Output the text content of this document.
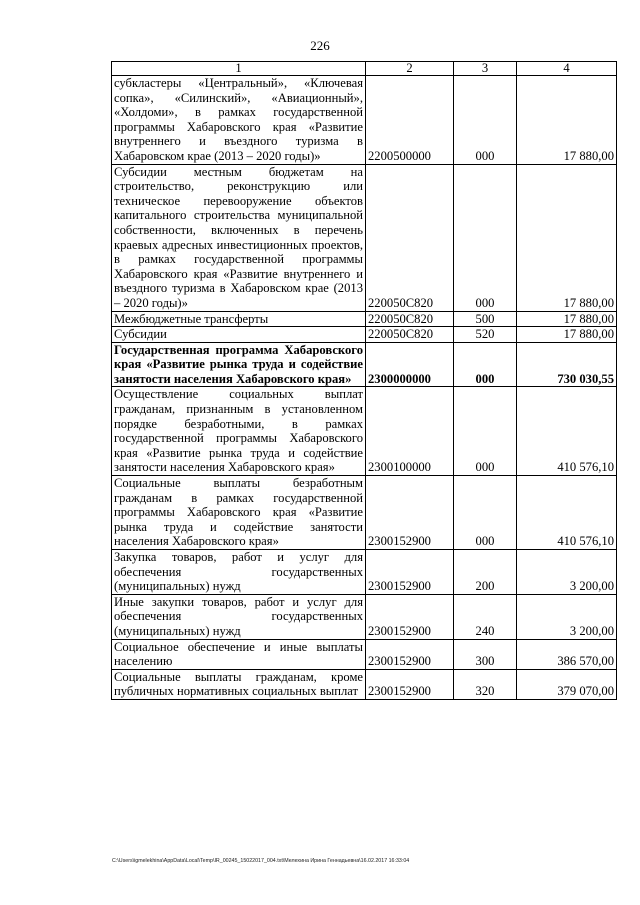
226
1	2	3	4
субкластеры «Центральный», «Ключевая сопка», «Силинский», «Авиационный», «Холдоми», в рамках государственной программы Хабаровского края «Развитие внутреннего и въездного туризма в Хабаровском крае (2013 – 2020 годы)»	2200500000	000	17 880,00
Субсидии местным бюджетам на строительство, реконструкцию или техническое перевооружение объектов капитального строительства муниципальной собственности, включенных в перечень краевых адресных инвестиционных проектов, в рамках государственной программы Хабаровского края «Развитие внутреннего и въездного туризма в Хабаровском крае (2013 – 2020 годы)»	220050С820	000	17 880,00
Межбюджетные трансферты	220050С820	500	17 880,00
Субсидии	220050С820	520	17 880,00
Государственная программа Хабаровского края «Развитие рынка труда и содействие занятости населения Хабаровского края»	2300000000	000	730 030,55
Осуществление социальных выплат гражданам, признанным в установленном порядке безработными, в рамках государственной программы Хабаровского края «Развитие рынка труда и содействие занятости населения Хабаровского края»	2300100000	000	410 576,10
Социальные выплаты безработным гражданам в рамках государственной программы Хабаровского края «Развитие рынка труда и содействие занятости населения Хабаровского края»	2300152900	000	410 576,10
Закупка товаров, работ и услуг для обеспечения государственных (муниципальных) нужд	2300152900	200	3 200,00
Иные закупки товаров, работ и услуг для обеспечения государственных (муниципальных) нужд	2300152900	240	3 200,00
Социальное обеспечение и иные выплаты населению	2300152900	300	386 570,00
Социальные выплаты гражданам, кроме публичных нормативных социальных выплат	2300152900	320	379 070,00
C:\Users\igmelekhina\AppData\Local\Temp\IR_00245_15022017_004.txt\Мелехина Ирина Геннадьевна\16.02.2017 16:33:04
